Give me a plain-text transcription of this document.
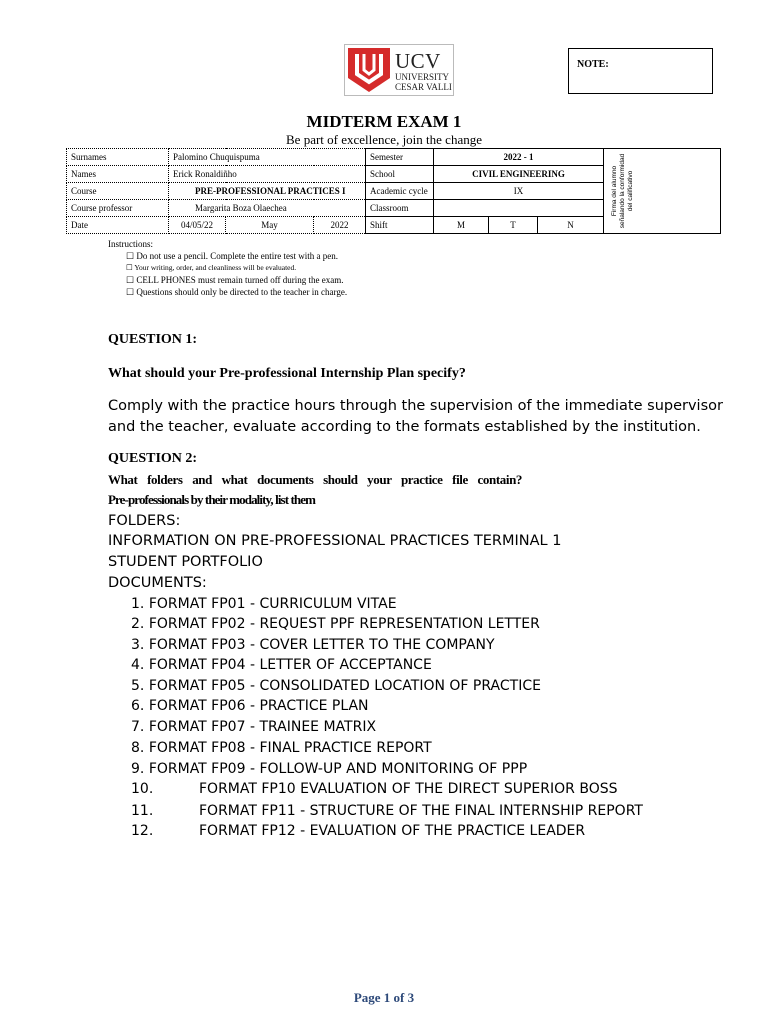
UCV
UNIVERSITY
CESAR VALLI
NOTE:
MIDTERM EXAM 1
Be part of excellence, join the change
Surnames	Palomino Chuquispuma			Semester	2022 - 1			Firma del alumno señalando la conformidad del calificativo

Names	Erick Ronaldiñho			School	CIVIL ENGINEERING			
Course	PRE-PROFESSIONAL PRACTICES I			Academic cycle	IX			
Course professor	Margarita Boza Olaechea			Classroom				
Date	04/05/22	May	2022	Shift	M	T	N	
Instructions:
☐ Do not use a pencil. Complete the entire test with a pen.
☐ Your writing, order, and cleanliness will be evaluated.
☐ CELL PHONES must remain turned off during the exam.
☐ Questions should only be directed to the teacher in charge.
QUESTION 1:
What should your Pre-professional Internship Plan specify?
Comply with the practice hours through the supervision of the immediate supervisor and the teacher, evaluate according to the formats established by the institution.
QUESTION 2:
What folders and what documents should your practice file contain?
Pre-professionals by their modality, list them
FOLDERS:
INFORMATION ON PRE-PROFESSIONAL PRACTICES TERMINAL 1
STUDENT PORTFOLIO
DOCUMENTS:
1. FORMAT FP01 - CURRICULUM VITAE
2. FORMAT FP02 - REQUEST PPF REPRESENTATION LETTER
3. FORMAT FP03 - COVER LETTER TO THE COMPANY
4. FORMAT FP04 - LETTER OF ACCEPTANCE
5. FORMAT FP05 - CONSOLIDATED LOCATION OF PRACTICE
6. FORMAT FP06 - PRACTICE PLAN
7. FORMAT FP07 - TRAINEE MATRIX
8. FORMAT FP08 - FINAL PRACTICE REPORT
9. FORMAT FP09 - FOLLOW-UP AND MONITORING OF PPP
10.	FORMAT FP10 EVALUATION OF THE DIRECT SUPERIOR BOSS
11.	FORMAT FP11 - STRUCTURE OF THE FINAL INTERNSHIP REPORT
12.	FORMAT FP12 - EVALUATION OF THE PRACTICE LEADER
Page 1 of 3
